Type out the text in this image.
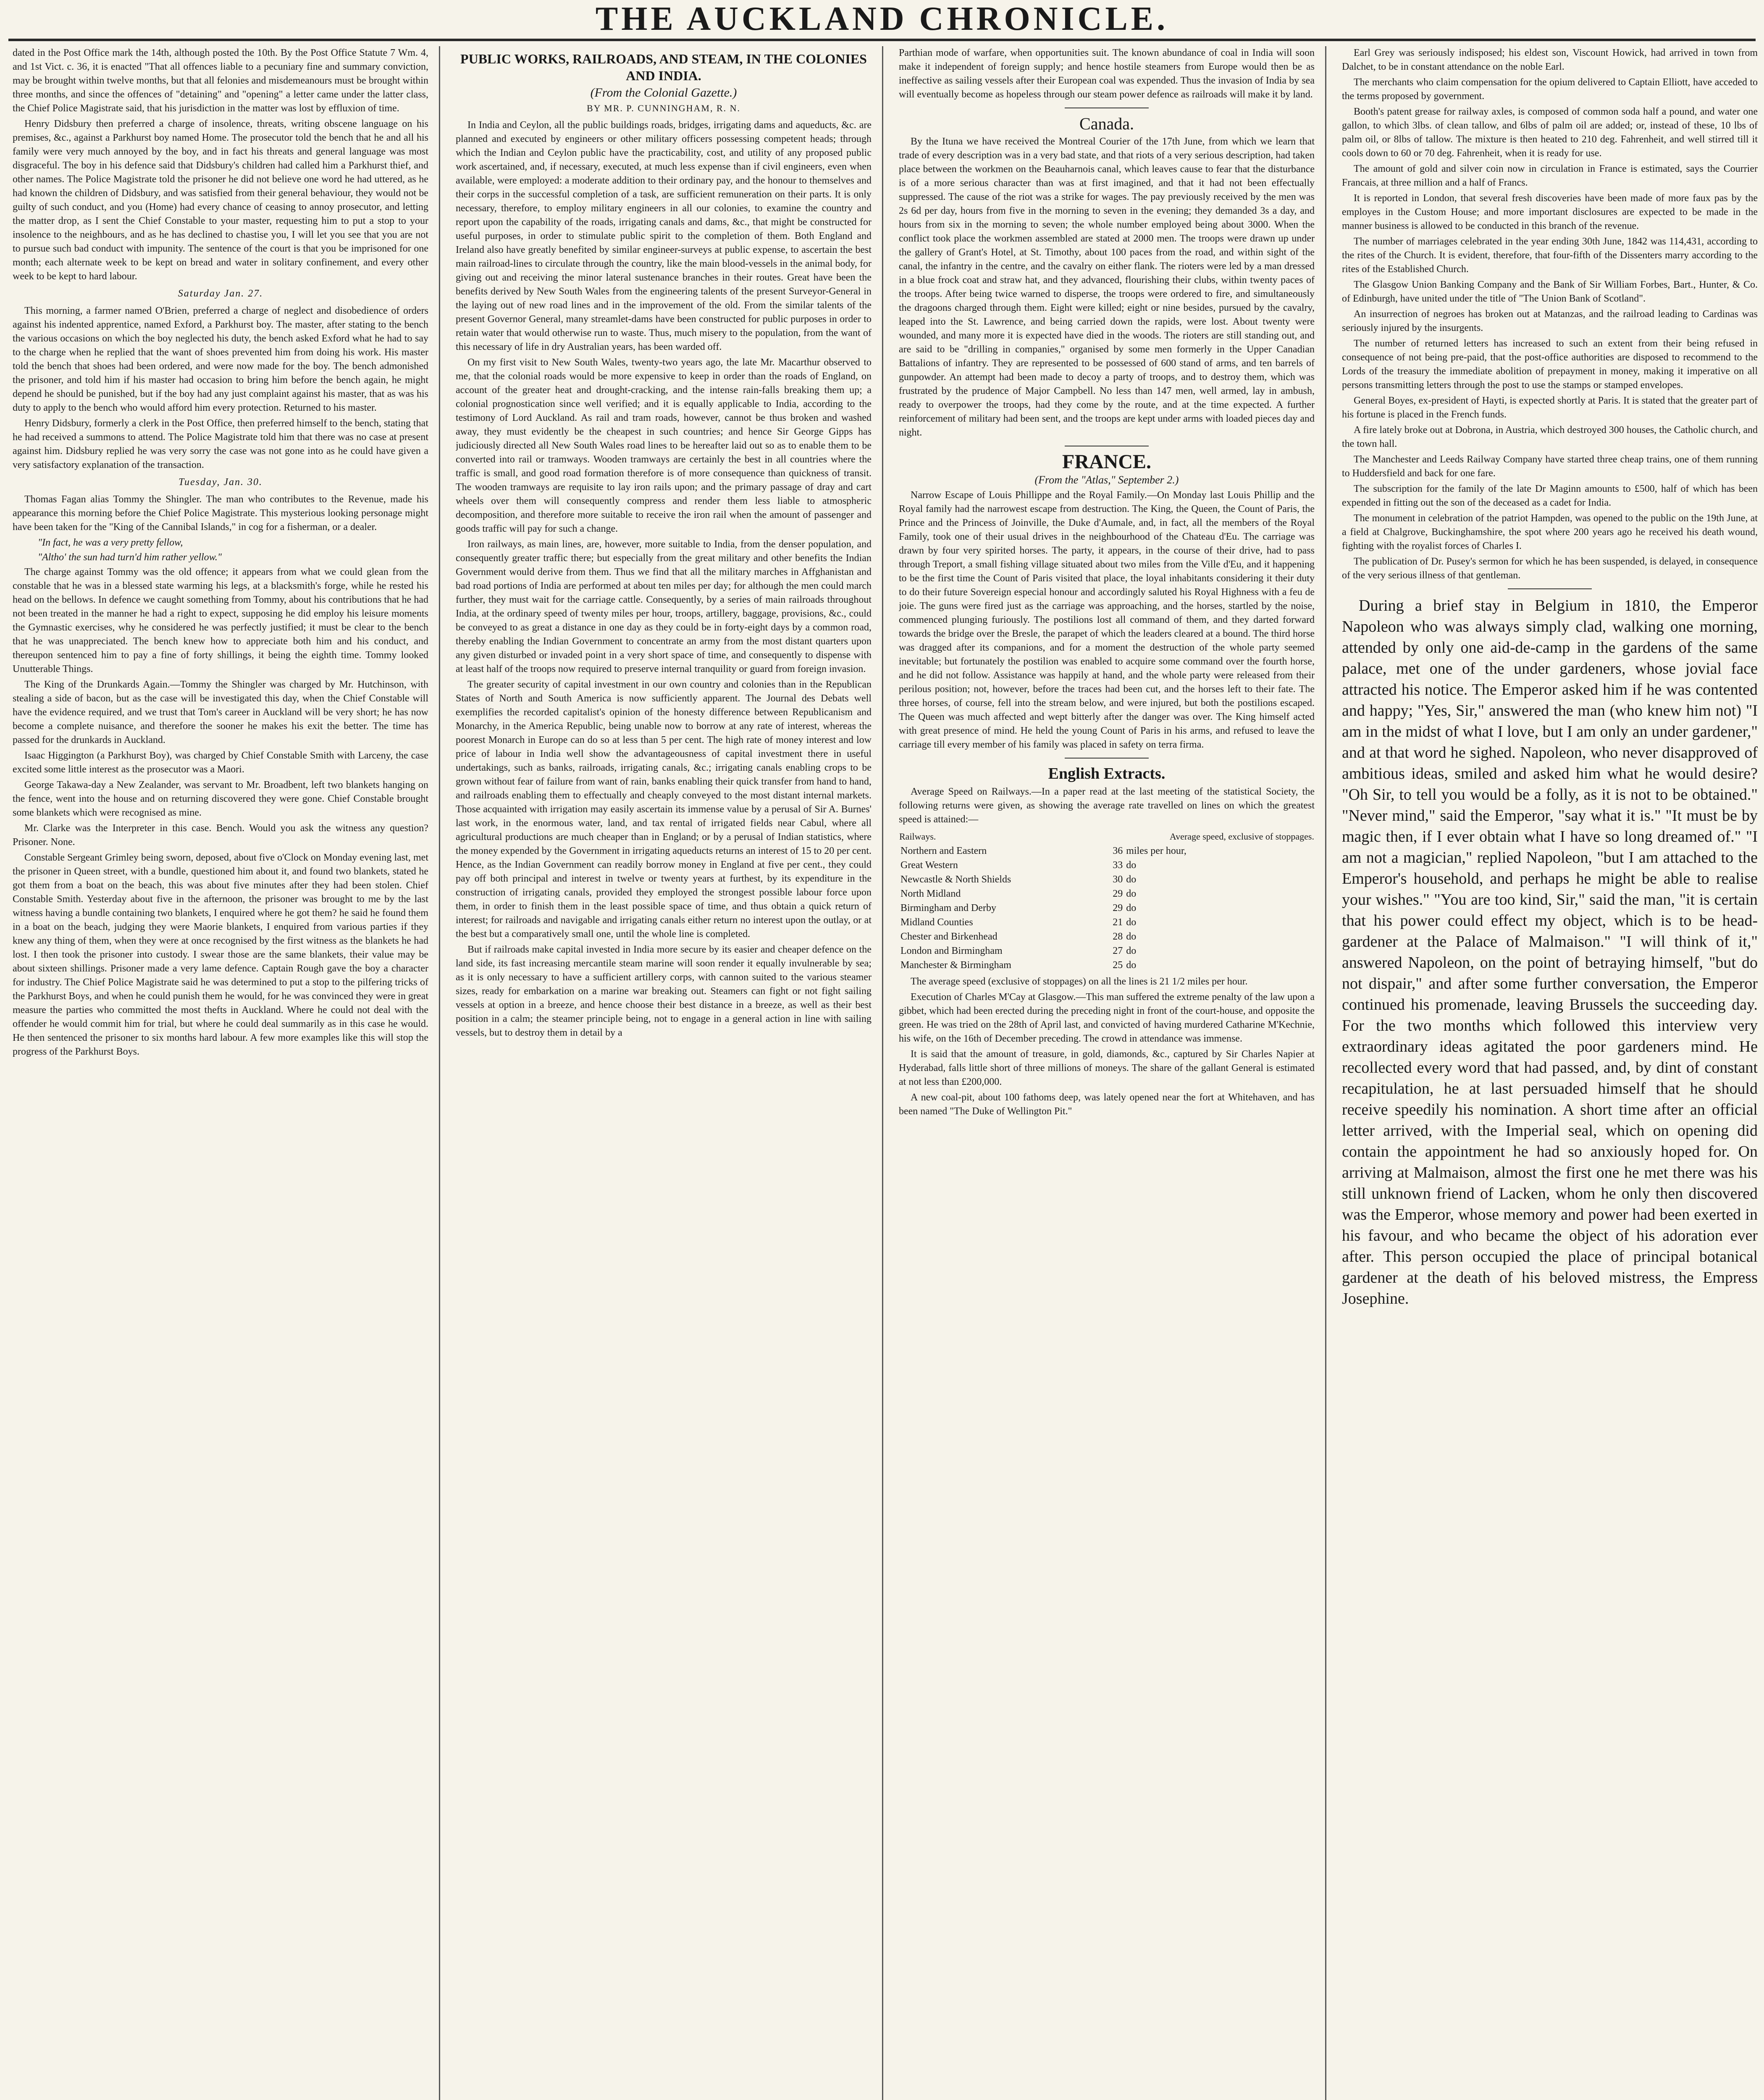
THE AUCKLAND CHRONICLE.

dated in the Post Office mark the 14th, although posted the 10th. By the Post Office Statute 7 Wm. 4, and 1st Vict. c. 36, it is enacted "That all offences liable to a pecuniary fine and summary conviction, may be brought within twelve months, but that all felonies and misdemeanours must be brought within three months, and since the offences of "detaining" and "opening" a letter came under the latter class, the Chief Police Magistrate said, that his jurisdiction in the matter was lost by effluxion of time.

Henry Didsbury then preferred a charge of insolence, threats, writing obscene language on his premises, &c., against a Parkhurst boy named Home. The prosecutor told the bench that he and all his family were very much annoyed by the boy, and in fact his threats and general language was most disgraceful. The boy in his defence said that Didsbury's children had called him a Parkhurst thief, and other names. The Police Magistrate told the prisoner he did not believe one word he had uttered, as he had known the children of Didsbury, and was satisfied from their general behaviour, they would not be guilty of such conduct, and you (Home) had every chance of ceasing to annoy prosecutor, and letting the matter drop, as I sent the Chief Constable to your master, requesting him to put a stop to your insolence to the neighbours, and as he has declined to chastise you, I will let you see that you are not to pursue such bad conduct with impunity. The sentence of the court is that you be imprisoned for one month; each alternate week to be kept on bread and water in solitary confinement, and every other week to be kept to hard labour.

Saturday Jan. 27.

This morning, a farmer named O'Brien, preferred a charge of neglect and disobedience of orders against his indented apprentice, named Exford, a Parkhurst boy. The master, after stating to the bench the various occasions on which the boy neglected his duty, the bench asked Exford what he had to say to the charge when he replied that the want of shoes prevented him from doing his work. His master told the bench that shoes had been ordered, and were now made for the boy. The bench admonished the prisoner, and told him if his master had occasion to bring him before the bench again, he might depend he should be punished, but if the boy had any just complaint against his master, that as was his duty to apply to the bench who would afford him every protection. Returned to his master.

Henry Didsbury, formerly a clerk in the Post Office, then preferred himself to the bench, stating that he had received a summons to attend. The Police Magistrate told him that there was no case at present against him. Didsbury replied he was very sorry the case was not gone into as he could have given a very satisfactory explanation of the transaction.

Tuesday, Jan. 30.

Thomas Fagan alias Tommy the Shingler. The man who contributes to the Revenue, made his appearance this morning before the Chief Police Magistrate. This mysterious looking personage might have been taken for the "King of the Cannibal Islands," in cog for a fisherman, or a dealer.

"In fact, he was a very pretty fellow,
"Altho' the sun had turn'd him rather yellow."

The charge against Tommy was the old offence; it appears from what we could glean from the constable that he was in a blessed state warming his legs, at a blacksmith's forge, while he rested his head on the bellows. In defence we caught something from Tommy, about his contributions that he had not been treated in the manner he had a right to expect, supposing he did employ his leisure moments the Gymnastic exercises, why he considered he was perfectly justified; it must be clear to the bench that he was unappreciated. The bench knew how to appreciate both him and his conduct, and thereupon sentenced him to pay a fine of forty shillings, it being the eighth time. Tommy looked Unutterable Things.

The King of the Drunkards Again.—Tommy the Shingler was charged by Mr. Hutchinson, with stealing a side of bacon, but as the case will be investigated this day, when the Chief Constable will have the evidence required, and we trust that Tom's career in Auckland will be very short; he has now become a complete nuisance, and therefore the sooner he makes his exit the better. The time has passed for the drunkards in Auckland.

Isaac Higgington (a Parkhurst Boy), was charged by Chief Constable Smith with Larceny, the case excited some little interest as the prosecutor was a Maori.

George Takawa-day a New Zealander, was servant to Mr. Broadbent, left two blankets hanging on the fence, went into the house and on returning discovered they were gone. Chief Constable brought some blankets which were recognised as mine.

Mr. Clarke was the Interpreter in this case. Bench. Would you ask the witness any question? Prisoner. None.

Constable Sergeant Grimley being sworn, deposed, about five o'Clock on Monday evening last, met the prisoner in Queen street, with a bundle, questioned him about it, and found two blankets, stated he got them from a boat on the beach, this was about five minutes after they had been stolen. Chief Constable Smith. Yesterday about five in the afternoon, the prisoner was brought to me by the last witness having a bundle containing two blankets, I enquired where he got them? he said he found them in a boat on the beach, judging they were Maorie blankets, I enquired from various parties if they knew any thing of them, when they were at once recognised by the first witness as the blankets he had lost. I then took the prisoner into custody. I swear those are the same blankets, their value may be about sixteen shillings. Prisoner made a very lame defence. Captain Rough gave the boy a character for industry. The Chief Police Magistrate said he was determined to put a stop to the pilfering tricks of the Parkhurst Boys, and when he could punish them he would, for he was convinced they were in great measure the parties who committed the most thefts in Auckland. Where he could not deal with the offender he would commit him for trial, but where he could deal summarily as in this case he would. He then sentenced the prisoner to six months hard labour. A few more examples like this will stop the progress of the Parkhurst Boys.

PUBLIC WORKS, RAILROADS, AND STEAM, IN THE COLONIES AND INDIA.
(From the Colonial Gazette.)
BY MR. P. CUNNINGHAM, R. N.

In India and Ceylon, all the public buildings roads, bridges, irrigating dams and aqueducts, &c. are planned and executed by engineers or other military officers possessing competent heads; through which the Indian and Ceylon public have the practicability, cost, and utility of any proposed public work ascertained, and, if necessary, executed, at much less expense than if civil engineers, even when available, were employed: a moderate addition to their ordinary pay, and the honour to themselves and their corps in the successful completion of a task, are sufficient remuneration on their parts. It is only necessary, therefore, to employ military engineers in all our colonies, to examine the country and report upon the capability of the roads, irrigating canals and dams, &c., that might be constructed for useful purposes, in order to stimulate public spirit to the completion of them. Both England and Ireland also have greatly benefited by similar engineer-surveys at public expense, to ascertain the best main railroad-lines to circulate through the country, like the main blood-vessels in the animal body, for giving out and receiving the minor lateral sustenance branches in their routes. Great have been the benefits derived by New South Wales from the engineering talents of the present Surveyor-General in the laying out of new road lines and in the improvement of the old. From the similar talents of the present Governor General, many streamlet-dams have been constructed for public purposes in order to retain water that would otherwise run to waste. Thus, much misery to the population, from the want of this necessary of life in dry Australian years, has been warded off.

On my first visit to New South Wales, twenty-two years ago, the late Mr. Macarthur observed to me, that the colonial roads would be more expensive to keep in order than the roads of England, on account of the greater heat and drought-cracking, and the intense rain-falls breaking them up; a colonial prognostication since well verified; and it is equally applicable to India, according to the testimony of Lord Auckland. As rail and tram roads, however, cannot be thus broken and washed away, they must evidently be the cheapest in such countries; and hence Sir George Gipps has judiciously directed all New South Wales road lines to be hereafter laid out so as to enable them to be converted into rail or tramways. Wooden tramways are certainly the best in all countries where the traffic is small, and good road formation therefore is of more consequence than quickness of transit. The wooden tramways are requisite to lay iron rails upon; and the primary passage of dray and cart wheels over them will consequently compress and render them less liable to atmospheric decomposition, and therefore more suitable to receive the iron rail when the amount of passenger and goods traffic will pay for such a change.

Iron railways, as main lines, are, however, more suitable to India, from the denser population, and consequently greater traffic there; but especially from the great military and other benefits the Indian Government would derive from them. Thus we find that all the military marches in Affghanistan and bad road portions of India are performed at about ten miles per day; for although the men could march further, they must wait for the carriage cattle. Consequently, by a series of main railroads throughout India, at the ordinary speed of twenty miles per hour, troops, artillery, baggage, provisions, &c., could be conveyed to as great a distance in one day as they could be in forty-eight days by a common road, thereby enabling the Indian Government to concentrate an army from the most distant quarters upon any given disturbed or invaded point in a very short space of time, and consequently to dispense with at least half of the troops now required to preserve internal tranquility or guard from foreign invasion.

The greater security of capital investment in our own country and colonies than in the Republican States of North and South America is now sufficiently apparent. The Journal des Debats well exemplifies the recorded capitalist's opinion of the honesty difference between Republicanism and Monarchy, in the America Republic, being unable now to borrow at any rate of interest, whereas the poorest Monarch in Europe can do so at less than 5 per cent. The high rate of money interest and low price of labour in India well show the advantageousness of capital investment there in useful undertakings, such as banks, railroads, irrigating canals, &c.; irrigating canals enabling crops to be grown without fear of failure from want of rain, banks enabling their quick transfer from hand to hand, and railroads enabling them to effectually and cheaply conveyed to the most distant internal markets. Those acquainted with irrigation may easily ascertain its immense value by a perusal of Sir A. Burnes' last work, in the enormous water, land, and tax rental of irrigated fields near Cabul, where all agricultural productions are much cheaper than in England; or by a perusal of Indian statistics, where the money expended by the Government in irrigating aqueducts returns an interest of 15 to 20 per cent. Hence, as the Indian Government can readily borrow money in England at five per cent., they could pay off both principal and interest in twelve or twenty years at furthest, by its expenditure in the construction of irrigating canals, provided they employed the strongest possible labour force upon them, in order to finish them in the least possible space of time, and thus obtain a quick return of interest; for railroads and navigable and irrigating canals either return no interest upon the outlay, or at the best but a comparatively small one, until the whole line is completed.

But if railroads make capital invested in India more secure by its easier and cheaper defence on the land side, its fast increasing mercantile steam marine will soon render it equally invulnerable by sea; as it is only necessary to have a sufficient artillery corps, with cannon suited to the various steamer sizes, ready for embarkation on a marine war breaking out. Steamers can fight or not fight sailing vessels at option in a breeze, and hence choose their best distance in a breeze, as well as their best position in a calm; the steamer principle being, not to engage in a general action in line with sailing vessels, but to destroy them in detail by a

Parthian mode of warfare, when opportunities suit. The known abundance of coal in India will soon make it independent of foreign supply; and hence hostile steamers from Europe would then be as ineffective as sailing vessels after their European coal was expended. Thus the invasion of India by sea will eventually become as hopeless through our steam power defence as railroads will make it by land.

Canada.

By the Ituna we have received the Montreal Courier of the 17th June, from which we learn that trade of every description was in a very bad state, and that riots of a very serious description, had taken place between the workmen on the Beauharnois canal, which leaves cause to fear that the disturbance is of a more serious character than was at first imagined, and that it had not been effectually suppressed. The cause of the riot was a strike for wages. The pay previously received by the men was 2s 6d per day, hours from five in the morning to seven in the evening; they demanded 3s a day, and hours from six in the morning to seven; the whole number employed being about 3000. When the conflict took place the workmen assembled are stated at 2000 men. The troops were drawn up under the gallery of Grant's Hotel, at St. Timothy, about 100 paces from the road, and within sight of the canal, the infantry in the centre, and the cavalry on either flank. The rioters were led by a man dressed in a blue frock coat and straw hat, and they advanced, flourishing their clubs, within twenty paces of the troops. After being twice warned to disperse, the troops were ordered to fire, and simultaneously the dragoons charged through them. Eight were killed; eight or nine besides, pursued by the cavalry, leaped into the St. Lawrence, and being carried down the rapids, were lost. About twenty were wounded, and many more it is expected have died in the woods. The rioters are still standing out, and are said to be "drilling in companies," organised by some men formerly in the Upper Canadian Battalions of infantry. They are represented to be possessed of 600 stand of arms, and ten barrels of gunpowder. An attempt had been made to decoy a party of troops, and to destroy them, which was frustrated by the prudence of Major Campbell. No less than 147 men, well armed, lay in ambush, ready to overpower the troops, had they come by the route, and at the time expected. A further reinforcement of military had been sent, and the troops are kept under arms with loaded pieces day and night.

FRANCE.
(From the "Atlas," September 2.)

Narrow Escape of Louis Phillippe and the Royal Family.—On Monday last Louis Phillip and the Royal family had the narrowest escape from destruction. The King, the Queen, the Count of Paris, the Prince and the Princess of Joinville, the Duke d'Aumale, and, in fact, all the members of the Royal Family, took one of their usual drives in the neighbourhood of the Chateau d'Eu. The carriage was drawn by four very spirited horses. The party, it appears, in the course of their drive, had to pass through Treport, a small fishing village situated about two miles from the Ville d'Eu, and it happening to be the first time the Count of Paris visited that place, the loyal inhabitants considering it their duty to do their future Sovereign especial honour and accordingly saluted his Royal Highness with a feu de joie. The guns were fired just as the carriage was approaching, and the horses, startled by the noise, commenced plunging furiously. The postilions lost all command of them, and they darted forward towards the bridge over the Bresle, the parapet of which the leaders cleared at a bound. The third horse was dragged after its companions, and for a moment the destruction of the whole party seemed inevitable; but fortunately the postilion was enabled to acquire some command over the fourth horse, and he did not follow. Assistance was happily at hand, and the whole party were released from their perilous position; not, however, before the traces had been cut, and the horses left to their fate. The three horses, of course, fell into the stream below, and were injured, but both the postilions escaped. The Queen was much affected and wept bitterly after the danger was over. The King himself acted with great presence of mind. He held the young Count of Paris in his arms, and refused to leave the carriage till every member of his family was placed in safety on terra firma.

English Extracts.

Average Speed on Railways.—In a paper read at the last meeting of the statistical Society, the following returns were given, as showing the average rate travelled on lines on which the greatest speed is attained:—

Railways.	Average speed, exclusive of stoppages.	
Northern and Eastern	36	miles per hour,
Great Western	33	do
Newcastle & North Shields	30	do
North Midland	29	do
Birmingham and Derby	29	do
Midland Counties	21	do
Chester and Birkenhead	28	do
London and Birmingham	27	do
Manchester & Birmingham	25	do

The average speed (exclusive of stoppages) on all the lines is 21 1/2 miles per hour.

Execution of Charles M'Cay at Glasgow.—This man suffered the extreme penalty of the law upon a gibbet, which had been erected during the preceding night in front of the court-house, and opposite the green. He was tried on the 28th of April last, and convicted of having murdered Catharine M'Kechnie, his wife, on the 16th of December preceding. The crowd in attendance was immense.

It is said that the amount of treasure, in gold, diamonds, &c., captured by Sir Charles Napier at Hyderabad, falls little short of three millions of moneys. The share of the gallant General is estimated at not less than £200,000.

A new coal-pit, about 100 fathoms deep, was lately opened near the fort at Whitehaven, and has been named "The Duke of Wellington Pit."

Earl Grey was seriously indisposed; his eldest son, Viscount Howick, had arrived in town from Dalchet, to be in constant attendance on the noble Earl.

The merchants who claim compensation for the opium delivered to Captain Elliott, have acceded to the terms proposed by government.

Booth's patent grease for railway axles, is composed of common soda half a pound, and water one gallon, to which 3lbs. of clean tallow, and 6lbs of palm oil are added; or, instead of these, 10 lbs of palm oil, or 8lbs of tallow. The mixture is then heated to 210 deg. Fahrenheit, and well stirred till it cools down to 60 or 70 deg. Fahrenheit, when it is ready for use.

The amount of gold and silver coin now in circulation in France is estimated, says the Courrier Francais, at three million and a half of Francs.

It is reported in London, that several fresh discoveries have been made of more faux pas by the employes in the Custom House; and more important disclosures are expected to be made in the manner business is allowed to be conducted in this branch of the revenue.

The number of marriages celebrated in the year ending 30th June, 1842 was 114,431, according to the rites of the Church. It is evident, therefore, that four-fifth of the Dissenters marry according to the rites of the Established Church.

The Glasgow Union Banking Company and the Bank of Sir William Forbes, Bart., Hunter, & Co. of Edinburgh, have united under the title of "The Union Bank of Scotland".

An insurrection of negroes has broken out at Matanzas, and the railroad leading to Cardinas was seriously injured by the insurgents.

The number of returned letters has increased to such an extent from their being refused in consequence of not being pre-paid, that the post-office authorities are disposed to recommend to the Lords of the treasury the immediate abolition of prepayment in money, making it imperative on all persons transmitting letters through the post to use the stamps or stamped envelopes.

General Boyes, ex-president of Hayti, is expected shortly at Paris. It is stated that the greater part of his fortune is placed in the French funds.

A fire lately broke out at Dobrona, in Austria, which destroyed 300 houses, the Catholic church, and the town hall.

The Manchester and Leeds Railway Company have started three cheap trains, one of them running to Huddersfield and back for one fare.

The subscription for the family of the late Dr Maginn amounts to £500, half of which has been expended in fitting out the son of the deceased as a cadet for India.

The monument in celebration of the patriot Hampden, was opened to the public on the 19th June, at a field at Chalgrove, Buckinghamshire, the spot where 200 years ago he received his death wound, fighting with the royalist forces of Charles I.

The publication of Dr. Pusey's sermon for which he has been suspended, is delayed, in consequence of the very serious illness of that gentleman.

During a brief stay in Belgium in 1810, the Emperor Napoleon who was always simply clad, walking one morning, attended by only one aid-de-camp in the gardens of the same palace, met one of the under gardeners, whose jovial face attracted his notice. The Emperor asked him if he was contented and happy; "Yes, Sir," answered the man (who knew him not) "I am in the midst of what I love, but I am only an under gardener," and at that word he sighed. Napoleon, who never disapproved of ambitious ideas, smiled and asked him what he would desire? "Oh Sir, to tell you would be a folly, as it is not to be obtained." "Never mind," said the Emperor, "say what it is." "It must be by magic then, if I ever obtain what I have so long dreamed of." "I am not a magician," replied Napoleon, "but I am attached to the Emperor's household, and perhaps he might be able to realise your wishes." "You are too kind, Sir," said the man, "it is certain that his power could effect my object, which is to be head-gardener at the Palace of Malmaison." "I will think of it," answered Napoleon, on the point of betraying himself, "but do not dispair," and after some further conversation, the Emperor continued his promenade, leaving Brussels the succeeding day. For the two months which followed this interview very extraordinary ideas agitated the poor gardeners mind. He recollected every word that had passed, and, by dint of constant recapitulation, he at last persuaded himself that he should receive speedily his nomination. A short time after an official letter arrived, with the Imperial seal, which on opening did contain the appointment he had so anxiously hoped for. On arriving at Malmaison, almost the first one he met there was his still unknown friend of Lacken, whom he only then discovered was the Emperor, whose memory and power had been exerted in his favour, and who became the object of his adoration ever after. This person occupied the place of principal botanical gardener at the death of his beloved mistress, the Empress Josephine.
